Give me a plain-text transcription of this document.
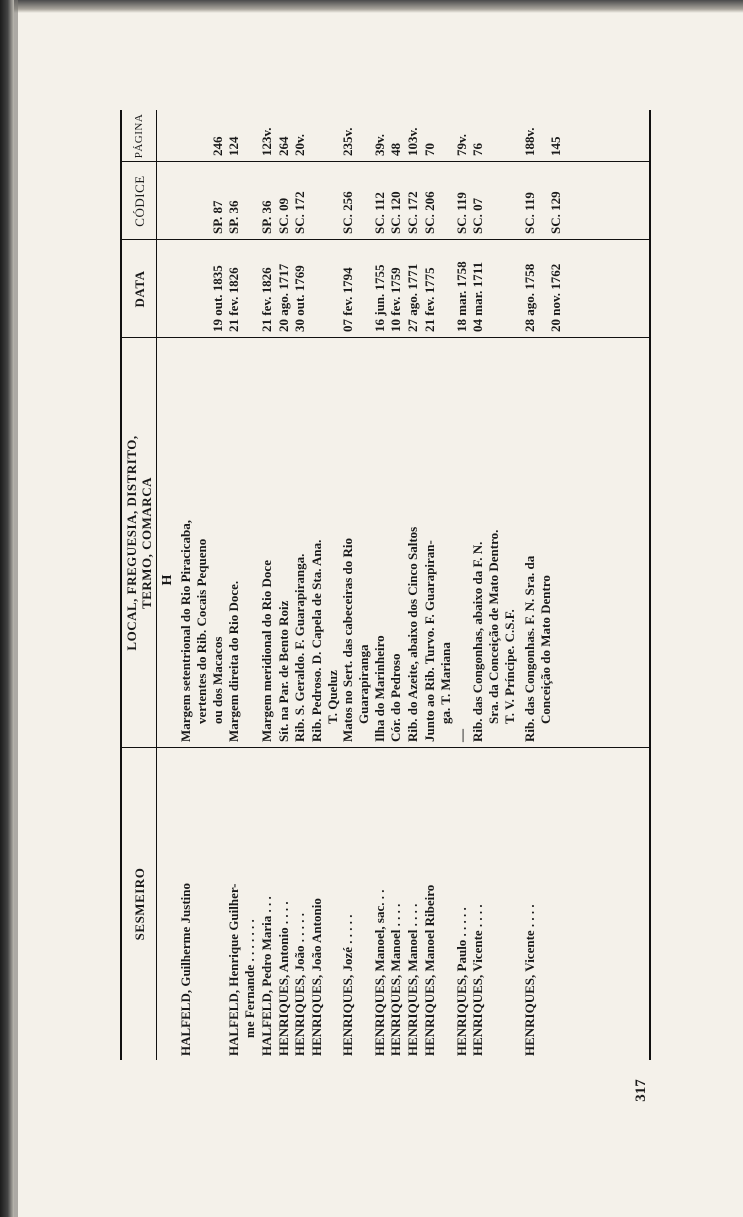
SESMEIRO
LOCAL, FREGUESIA, DISTRITO, TERMO, COMARCA
DATA
CÓDICE
PÁGINA
H
HALFELD, Guilherme Justino
Margem setentrional do Rio Piracicaba, vertentes do Rib. Cocais Pequeno ou dos Macacos
19 out. 1835
SP. 87
246
HALFELD, Henrique Guilher- me Fernande . . . . . . .
Margem direita do Rio Doce.
21 fev. 1826
SP. 36
124
HALFELD, Pedro Maria . . .
Margem meridional do Rio Doce
21 fev. 1826
SP. 36
123v.
HENRIQUES, Antonio . . . .
Sít. na Par. de Bento Roiz
20 ago. 1717
SC. 09
264
HENRIQUES, João . . . . .
Rib. S. Geraldo. F. Guarapiranga.
30 out. 1769
SC. 172
20v.
HENRIQUES, João Antonio
Rib. Pedroso. D. Capela de Sta. Ana. T. Queluz
HENRIQUES, Jozé . . . . .
Matos no Sert. das cabeceiras do Rio Guarapiranga
07 fev. 1794
SC. 256
235v.
HENRIQUES, Manoel, sac. . .
Ilha do Marinheiro
16 jun. 1755
SC. 112
39v.
HENRIQUES, Manoel . . . .
Cór. do Pedroso
10 fev. 1759
SC. 120
48
HENRIQUES, Manoel . . . .
Rib. do Azeite, abaixo dos Cinco Saltos
27 ago. 1771
SC. 172
103v.
HENRIQUES, Manoel Ribeiro
Junto ao Rib. Turvo. F. Guarapiran- ga. T. Mariana
21 fev. 1775
SC. 206
70
HENRIQUES, Paulo . . . . .
—
18 mar. 1758
SC. 119
79v.
HENRIQUES, Vicente . . . .
Rib. das Congonhas, abaixo da F. N. Sra. da Conceição de Mato Dentro. T. V. Príncipe. C.S.F.
04 mar. 1711
SC. 07
76
HENRIQUES, Vicente . . . .
Rib. das Congonhas. F. N. Sra. da Conceição do Mato Dentro
28 ago. 1758
SC. 119
188v.
20 nov. 1762
SC. 129
145
317
